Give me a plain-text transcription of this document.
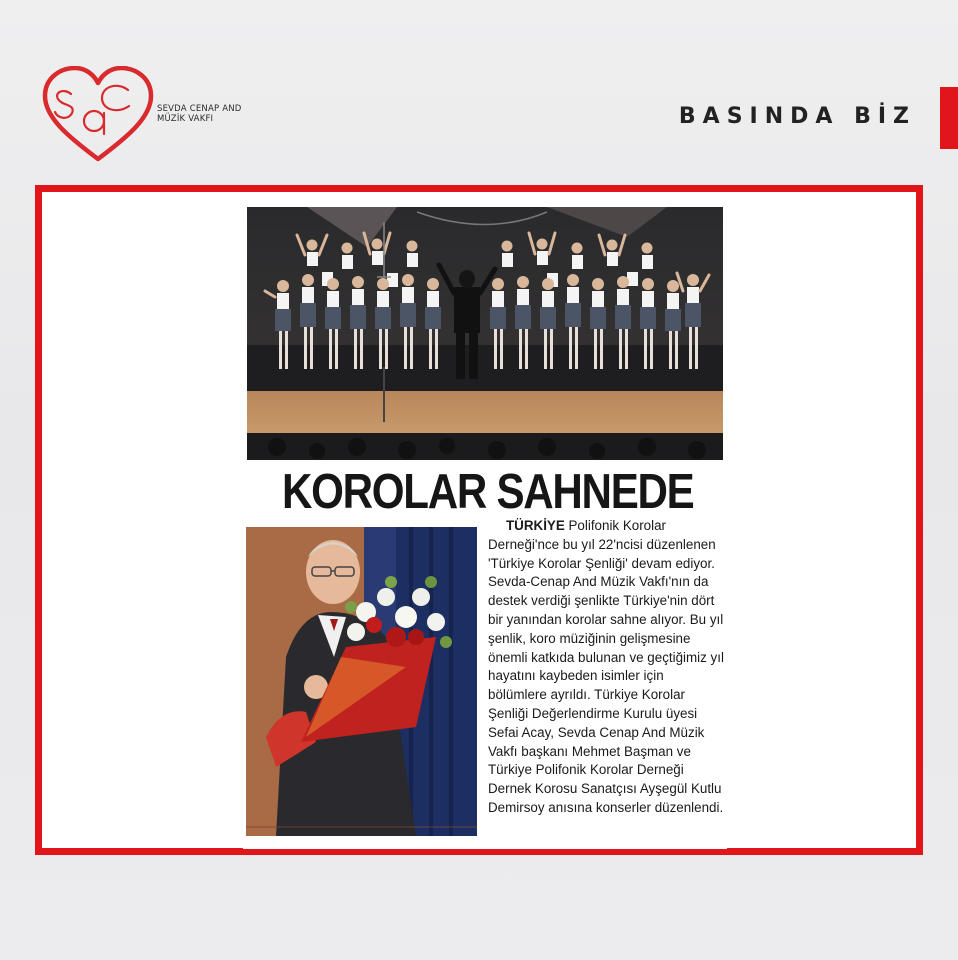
SEVDA CENAP AND
MÜZİK VAKFI	BASINDA BİZ
KOROLAR SAHNEDE
TÜRKİYE Polifonik Korolar Derneği'nce bu yıl 22'ncisi düzenlenen 'Türkiye Korolar Şenliği' devam ediyor. Sevda-Cenap And Müzik Vakfı'nın da destek verdiği şenlikte Türkiye'nin dört bir yanından korolar sahne alıyor. Bu yıl şenlik, koro müziğinin gelişmesine önemli katkıda bulunan ve geçtiğimiz yıl hayatını kaybeden isimler için bölümlere ayrıldı. Türkiye Korolar Şenliği Değerlendirme Kurulu üyesi Sefai Acay, Sevda Cenap And Müzik Vakfı başkanı Mehmet Başman ve Türkiye Polifonik Korolar Derneği Dernek Korosu Sanatçısı Ayşegül Kutlu Demirsoy anısına konserler düzenlendi.
